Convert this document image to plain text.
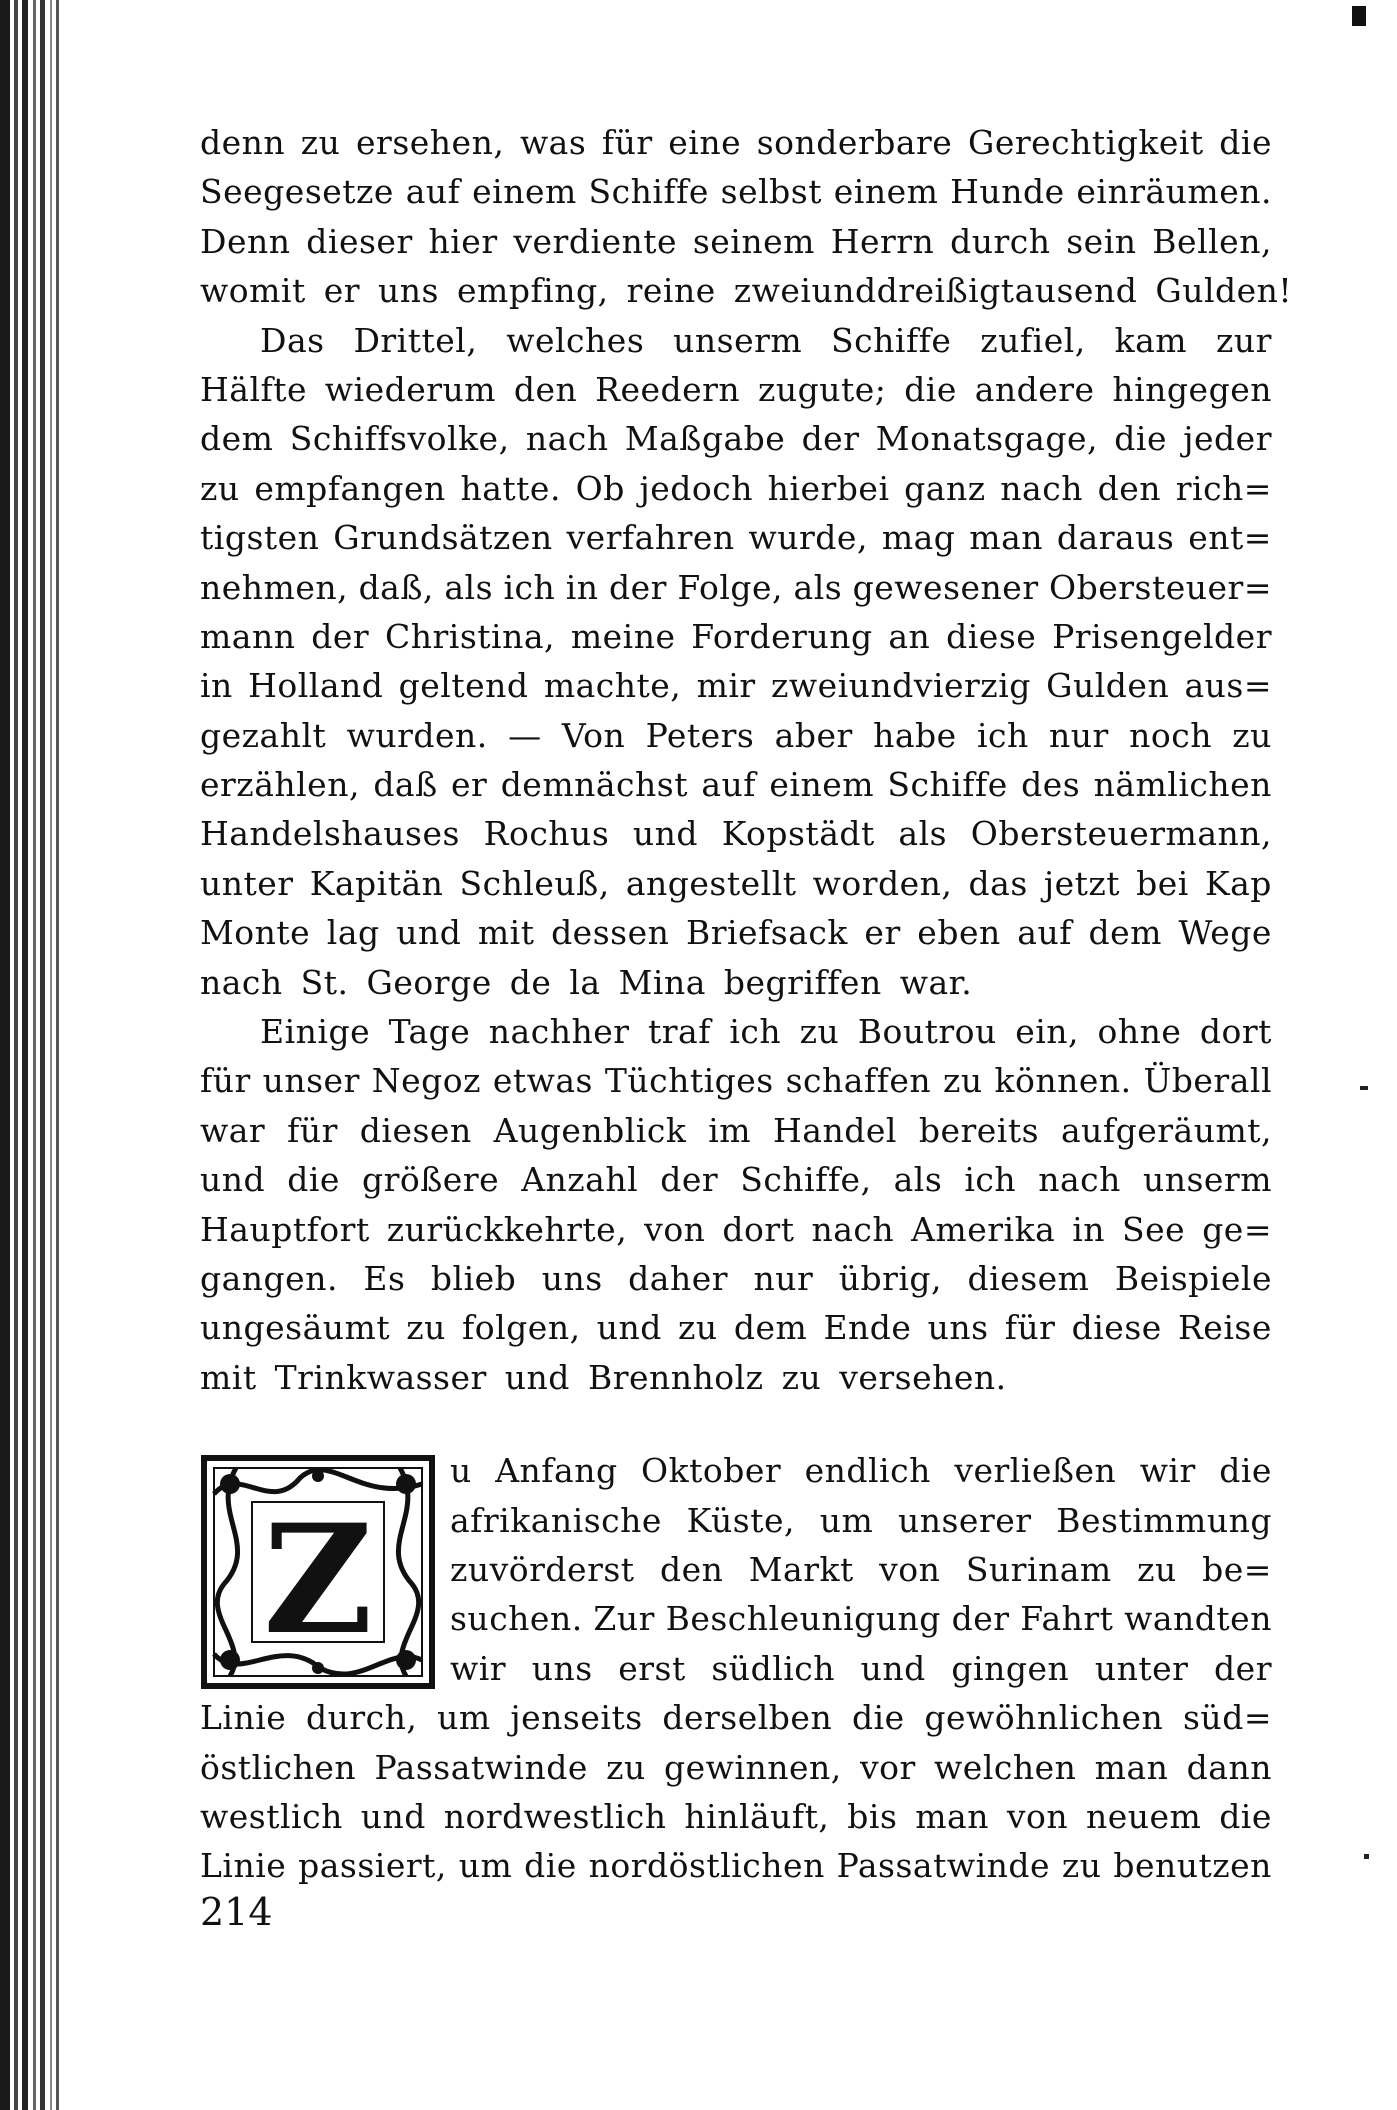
denn zu ersehen, was für eine sonderbare Gerechtigkeit die
Seegesetze auf einem Schiffe selbst einem Hunde einräumen.
Denn dieser hier verdiente seinem Herrn durch sein Bellen,
womit er uns empfing, reine zweiunddreißigtausend Gulden!
Das Drittel, welches unserm Schiffe zufiel, kam zur
Hälfte wiederum den Reedern zugute; die andere hingegen
dem Schiffsvolke, nach Maßgabe der Monatsgage, die jeder
zu empfangen hatte. Ob jedoch hierbei ganz nach den rich=
tigsten Grundsätzen verfahren wurde, mag man daraus ent=
nehmen, daß, als ich in der Folge, als gewesener Obersteuer=
mann der Christina, meine Forderung an diese Prisengelder
in Holland geltend machte, mir zweiundvierzig Gulden aus=
gezahlt wurden. — Von Peters aber habe ich nur noch zu
erzählen, daß er demnächst auf einem Schiffe des nämlichen
Handelshauses Rochus und Kopstädt als Obersteuermann,
unter Kapitän Schleuß, angestellt worden, das jetzt bei Kap
Monte lag und mit dessen Briefsack er eben auf dem Wege
nach St. George de la Mina begriffen war.
Einige Tage nachher traf ich zu Boutrou ein, ohne dort
für unser Negoz etwas Tüchtiges schaffen zu können. Überall
war für diesen Augenblick im Handel bereits aufgeräumt,
und die größere Anzahl der Schiffe, als ich nach unserm
Hauptfort zurückkehrte, von dort nach Amerika in See ge=
gangen. Es blieb uns daher nur übrig, diesem Beispiele
ungesäumt zu folgen, und zu dem Ende uns für diese Reise
mit Trinkwasser und Brennholz zu versehen.
Z
u Anfang Oktober endlich verließen wir die
afrikanische Küste, um unserer Bestimmung
zuvörderst den Markt von Surinam zu be=
suchen. Zur Beschleunigung der Fahrt wandten
wir uns erst südlich und gingen unter der
Linie durch, um jenseits derselben die gewöhnlichen süd=
östlichen Passatwinde zu gewinnen, vor welchen man dann
westlich und nordwestlich hinläuft, bis man von neuem die
Linie passiert, um die nordöstlichen Passatwinde zu benutzen
214
